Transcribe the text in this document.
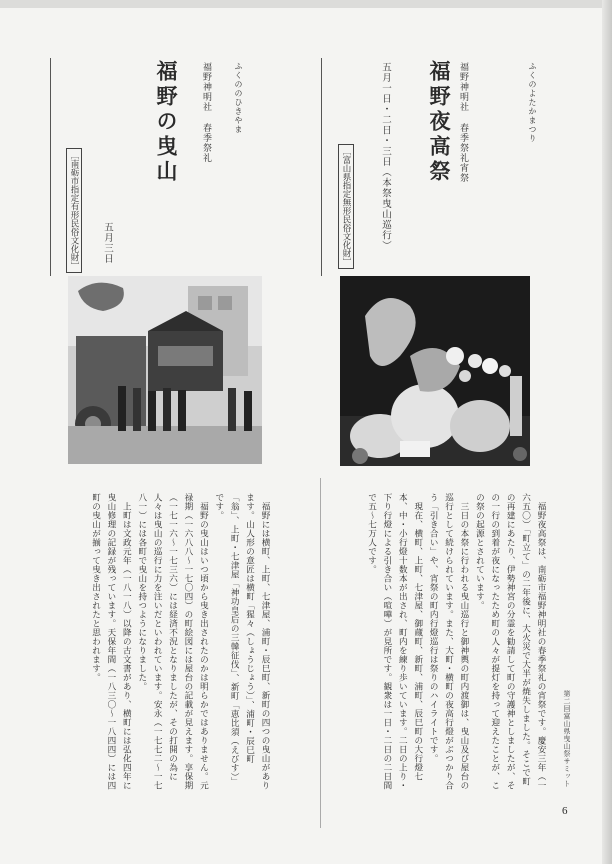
ふくのよたかまつり
福野神明社 春季祭礼宵祭
福野夜高祭
五月一日・二日・三日（本祭曳山巡行）
［富山県指定無形民俗文化財］
ふくののひきやま
福野神明社 春季祭礼
福野の曳山
五月三日
［南砺市指定有形民俗文化財］

福野夜高祭は、南砺市福野神明社の春季祭礼の宵祭です。慶安三年（一六五〇）「町立て」の二年後に、大火災で大半が焼失しました。そこで町の再建にあたり、伊勢神宮の分霊を勧請して町の守護神としましたが、その一行の到着が夜になったため町の人々が提灯を持って迎えたことが、この祭の起源とされています。

三日の本祭に行われる曳山巡行と御神輿の町内渡御は、曳山及び屋台の巡行として続けられています。また、大町・横町の夜高行燈がぶつかり合う「引き合い」や、宵祭の町内行燈巡行は祭りのハイライトです。

現在、横町、上町、七津屋、御蔵町、新町、浦町、辰巳町の大行燈七本、中・小行燈十数本が出され、町内を練り歩いています。二日の上り・下り行燈による引き合い（喧嘩）が見所です。観衆は一日・二日の二日間で五〜七万人です。

福野には横町、上町、七津屋、浦町・辰巳町、新町の四つの曳山があります。山人形の意匠は横町「猩々（しょうじょう）」、浦町・辰巳町「翁」、上町・七津屋「神功皇后の三韓征伐」、新町「恵比須（えびす）」です。

福野の曳山はいつ頃から曳き出されたのかは明らかではありません。元禄期（一六八八〜一七〇四）の町絵図には屋台の記載が見えます。享保期（一七一六〜一七三六）には経済不況となりましたが、その打開の為に人々は曳山の巡行に力を注いだといわれています。安永（一七七二〜一七八一）には各町で曳山を持つようになりました。

上町は文政元年（一八一八）以降の古文書があり、横町には弘化四年に曳山修理の記録が残っています。天保年間（一八三〇〜一八四四）には四町の曳山が揃って曳き出されたと思われます。

第二回富山県曳山祭サミット
6
